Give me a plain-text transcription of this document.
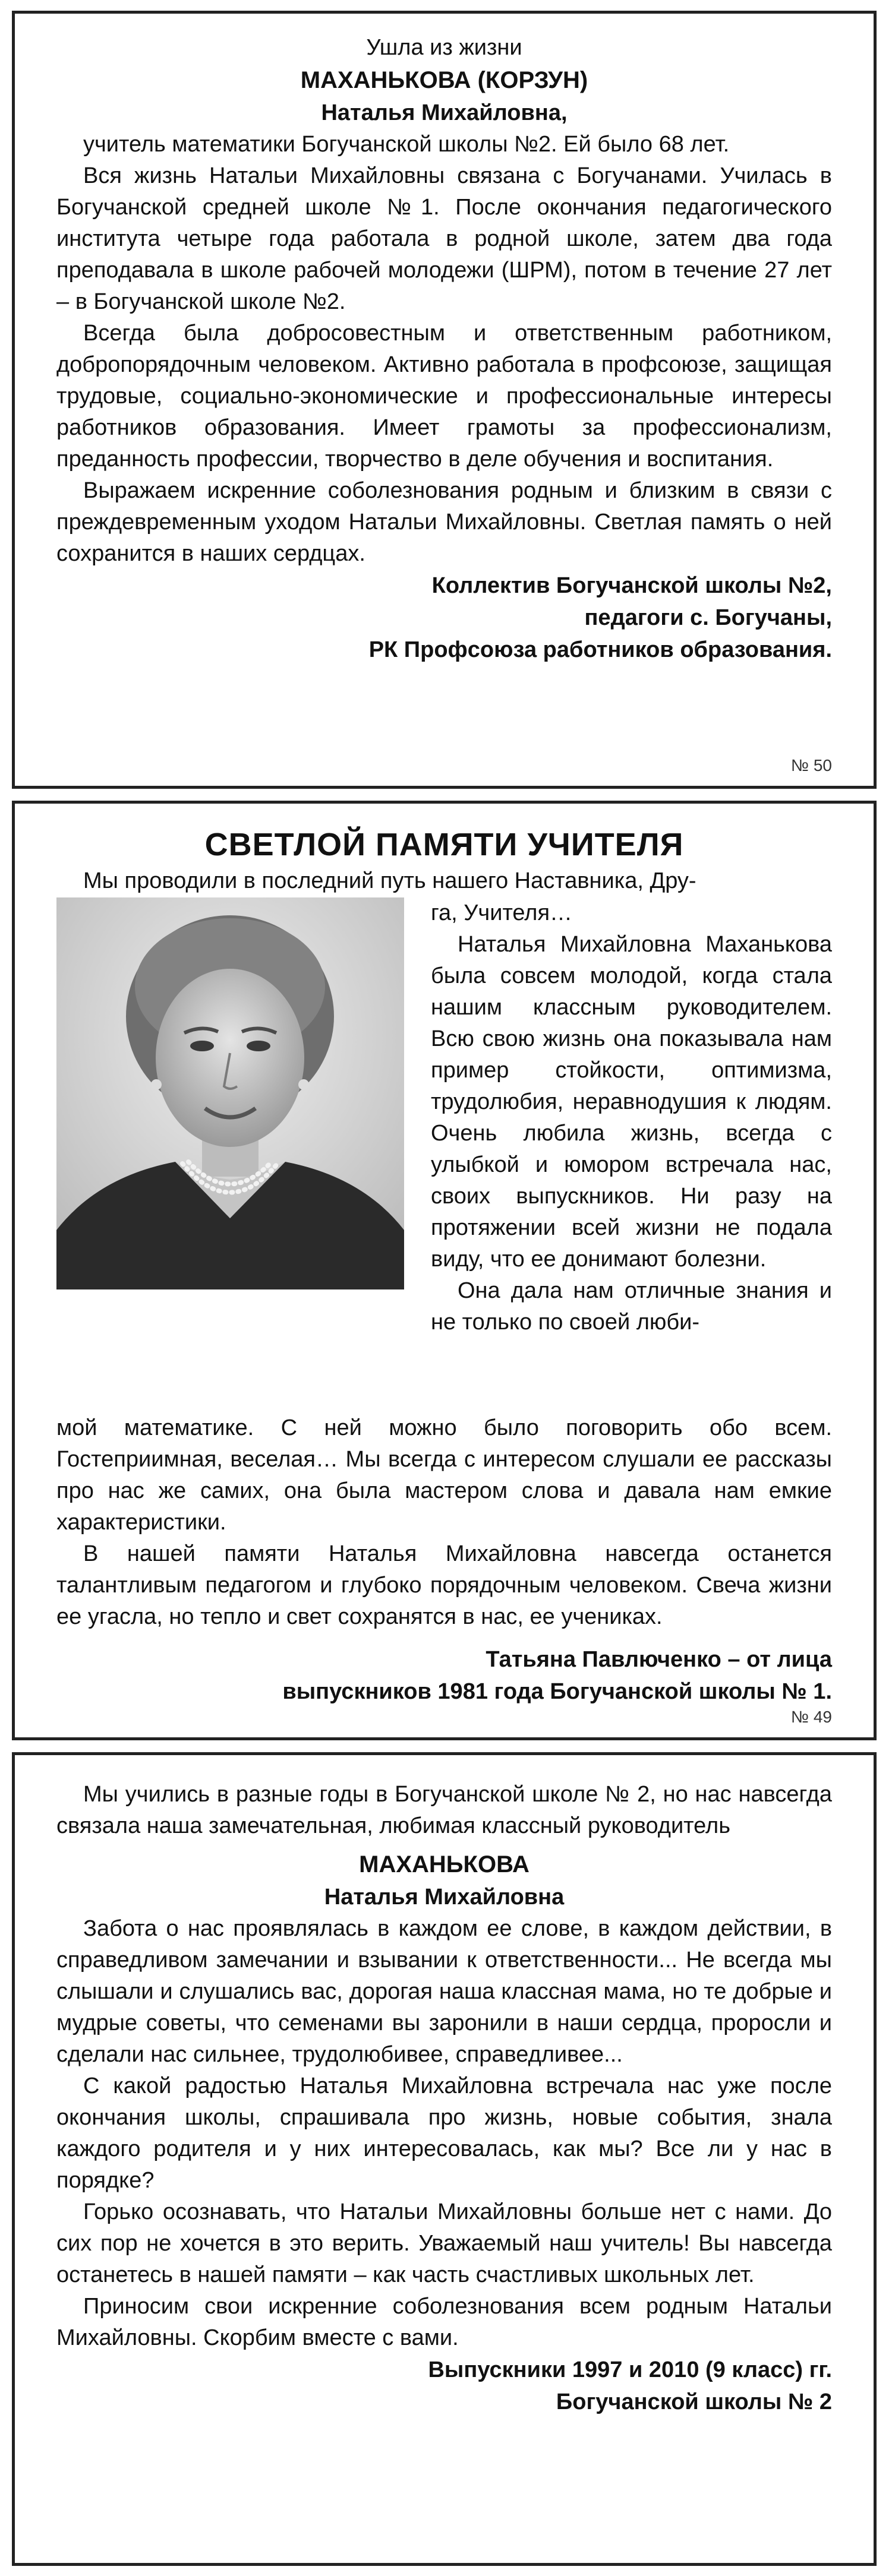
Ушла из жизни

МАХАНЬКОВА (КОРЗУН)

Наталья Михайловна,

учитель математики Богучанской школы №2. Ей было 68 лет.

Вся жизнь Натальи Михайловны связана с Богучанами. Училась в Богучанской средней школе №1. После окончания педагогического института четыре года работала в родной школе, затем два года преподавала в школе рабочей молодежи (ШРМ), потом в течение 27 лет – в Богучанской школе №2.

Всегда была добросовестным и ответственным работником, добропорядочным человеком. Активно работала в профсоюзе, защищая трудовые, социально-экономические и профессиональные интересы работников образования. Имеет грамоты за профессионализм, преданность профессии, творчество в деле обучения и воспитания.

Выражаем искренние соболезнования родным и близким в связи с преждевременным уходом Натальи Михайловны. Светлая память о ней сохранится в наших сердцах.

Коллектив Богучанской школы №2,

педагоги с. Богучаны,

РК Профсоюза работников образования.

№ 50

СВЕТЛОЙ ПАМЯТИ УЧИТЕЛЯ

Мы проводили в последний путь нашего Наставника, Дру-

га, Учителя…

Наталья Михайловна Маханькова была совсем молодой, когда стала нашим классным руководителем. Всю свою жизнь она показывала нам пример стойкости, оптимизма, трудолюбия, неравнодушия к людям. Очень любила жизнь, всегда с улыбкой и юмором встречала нас, своих выпускников. Ни разу на протяжении всей жизни не подала виду, что ее донимают болезни.

Она дала нам отличные знания и не только по своей люби-

мой математике. С ней можно было поговорить обо всем. Гостеприимная, веселая… Мы всегда с интересом слушали ее рассказы про нас же самих, она была мастером слова и давала нам емкие характеристики.

В нашей памяти Наталья Михайловна навсегда останется талантливым педагогом и глубоко порядочным человеком. Свеча жизни ее угасла, но тепло и свет сохранятся в нас, ее учениках.

Татьяна Павлюченко – от лица

выпускников 1981 года Богучанской школы № 1.

№ 49

Мы учились в разные годы в Богучанской школе № 2, но нас навсегда связала наша замечательная, любимая классный руководитель

МАХАНЬКОВА

Наталья Михайловна

Забота о нас проявлялась в каждом ее слове, в каждом действии, в справедливом замечании и взывании к ответственности... Не всегда мы слышали и слушались вас, дорогая наша классная мама, но те добрые и мудрые советы, что семенами вы заронили в наши сердца, проросли и сделали нас сильнее, трудолюбивее, справедливее...

С какой радостью Наталья Михайловна встречала нас уже после окончания школы, спрашивала про жизнь, новые события, знала каждого родителя и у них интересовалась, как мы? Все ли у нас в порядке?

Горько осознавать, что Натальи Михайловны больше нет с нами. До сих пор не хочется в это верить. Уважаемый наш учитель! Вы навсегда останетесь в нашей памяти – как часть счастливых школьных лет.

Приносим свои искренние соболезнования всем родным Натальи Михайловны. Скорбим вместе с вами.

Выпускники 1997 и 2010 (9 класс) гг.

Богучанской школы № 2
